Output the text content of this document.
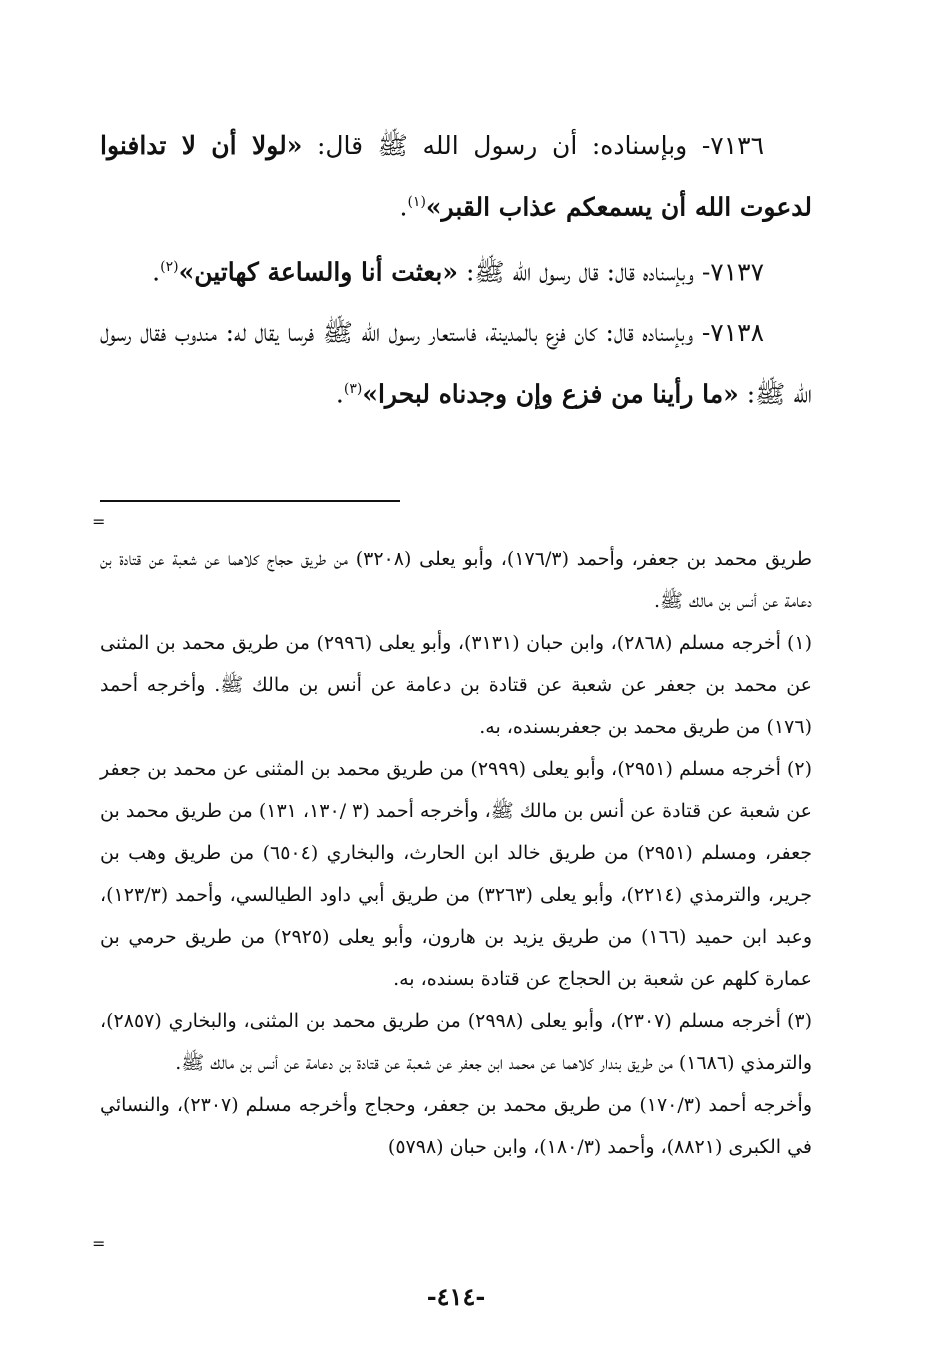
٧١٣٦- وبإسناده: أن رسول الله ﷺ قال: «لولا أن لا تدافنوا لدعوت الله أن يسمعكم عذاب القبر»$^{(١)}$.

٧١٣٧- وبإسناده قال: قال رسول الله ﷺ: «بعثت أنا والساعة كهاتين»$^{(٢)}$.

٧١٣٨- وبإسناده قال: كان فزع بالمدينة، فاستعار رسول الله ﷺ فرسا يقال له: مندوب فقال رسول الله ﷺ: «ما رأينا من فزع وإن وجدناه لبحرا»$^{(٣)}$.

=

طريق محمد بن جعفر، وأحمد (١٧٦/٣)، وأبو يعلى (٣٢٠٨) من طريق حجاج كلاهما عن شعبة عن قتادة بن دعامة عن أنس بن مالك ﷺ.

(١)أخرجه مسلم (٢٨٦٨)، وابن حبان (٣١٣١)، وأبو يعلى (٢٩٩٦) من طريق محمد بن المثنى عن محمد بن جعفر عن شعبة عن قتادة بن دعامة عن أنس بن مالك ﷺ. وأخرجه أحمد (١٧٦) من طريق محمد بن جعفربسنده، به.

(٢)أخرجه مسلم (٢٩٥١)، وأبو يعلى (٢٩٩٩) من طريق محمد بن المثنى عن محمد بن جعفر عن شعبة عن قتادة عن أنس بن مالك ﷺ، وأخرجه أحمد (٣ /١٣٠، ١٣١) من طريق محمد بن جعفر، ومسلم (٢٩٥١) من طريق خالد ابن الحارث، والبخاري (٦٥٠٤) من طريق وهب بن جرير، والترمذي (٢٢١٤)، وأبو يعلى (٣٢٦٣) من طريق أبي داود الطيالسي، وأحمد (١٢٣/٣)، وعبد ابن حميد (١٦٦) من طريق يزيد بن هارون، وأبو يعلى (٢٩٢٥) من طريق حرمي بن عمارة كلهم عن شعبة بن الحجاج عن قتادة بسنده، به.

(٣)أخرجه مسلم (٢٣٠٧)، وأبو يعلى (٢٩٩٨) من طريق محمد بن المثنى، والبخاري (٢٨٥٧)، والترمذي (١٦٨٦) من طريق بندار كلاهما عن محمد ابن جعفر عن شعبة عن قتادة بن دعامة عن أنس بن مالك ﷺ.

وأخرجه أحمد (١٧٠/٣) من طريق محمد بن جعفر، وحجاج وأخرجه مسلم (٢٣٠٧)، والنسائي في الكبرى (٨٨٢١)، وأحمد (١٨٠/٣)، وابن حبان (٥٧٩٨)

=
-٤١٤-
